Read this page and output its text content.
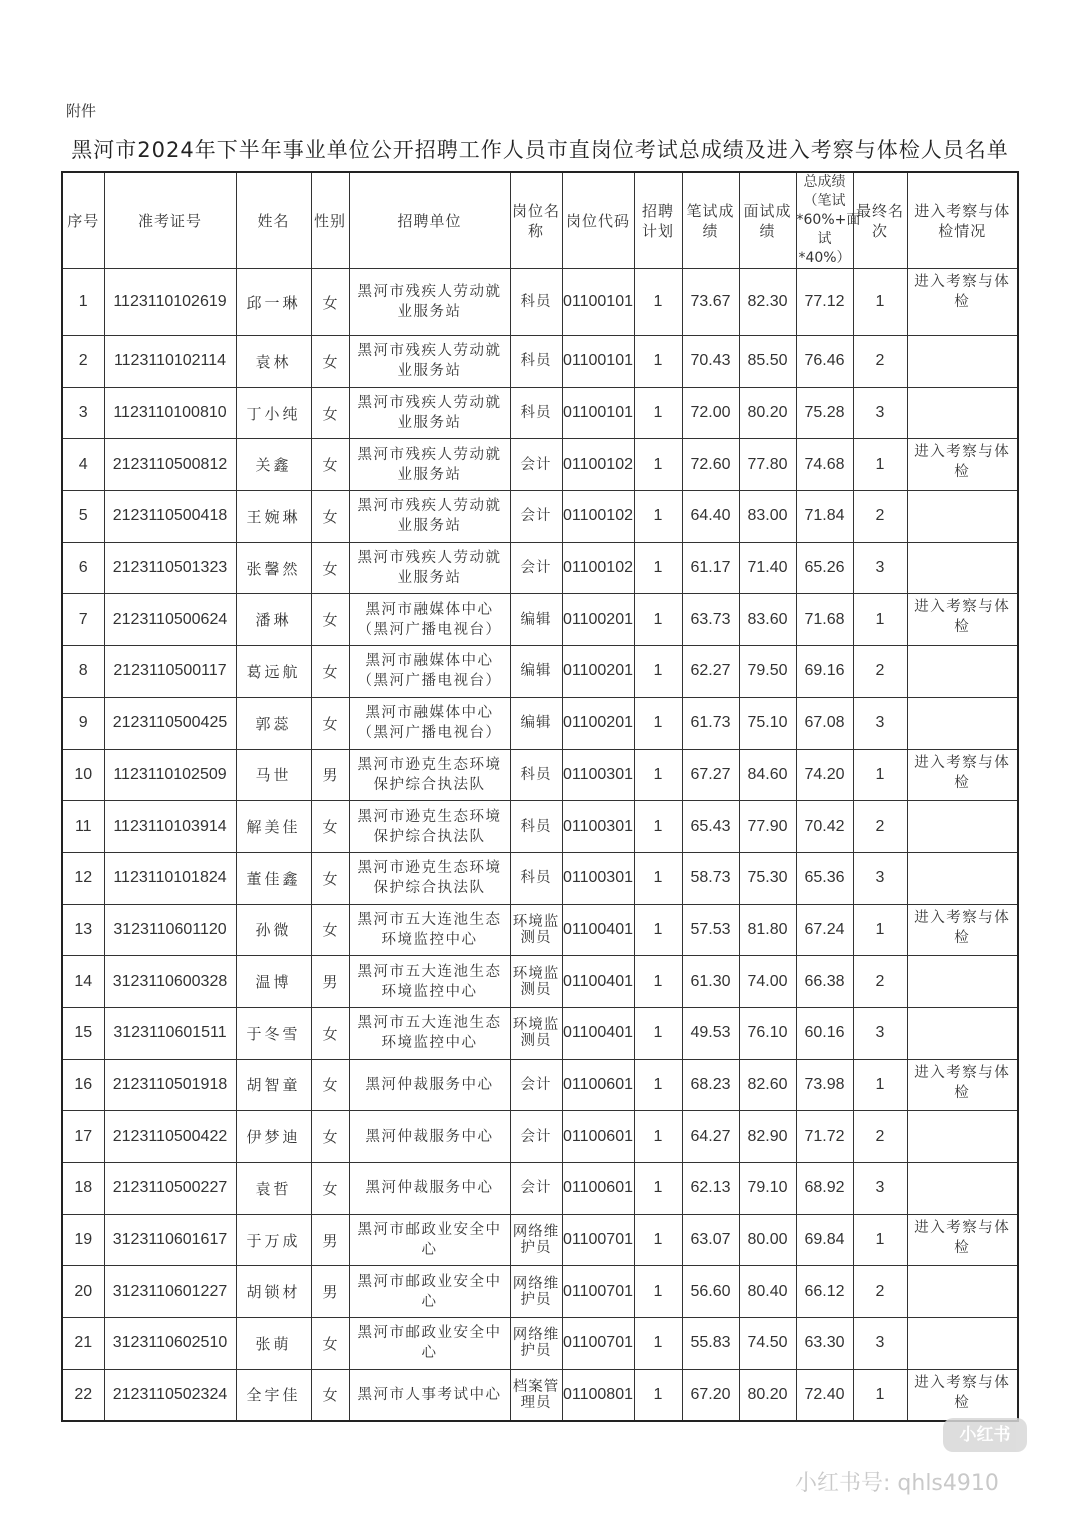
附件
黑河市2024年下半年事业单位公开招聘工作人员市直岗位考试总成绩及进入考察与体检人员名单
序号	准考证号	姓名	性别	招聘单位	岗位名称	岗位代码	招聘计划	笔试成绩	面试成绩	总成绩（笔试*60%+面试*40%）	最终名次	进入考察与体检情况
1	1123110102619	邱一琳	女	黑河市残疾人劳动就业服务站	科员	01100101	1	73.67	82.30	77.12	1	进入考察与体检
2	1123110102114	袁林	女	黑河市残疾人劳动就业服务站	科员	01100101	1	70.43	85.50	76.46	2	
3	1123110100810	丁小纯	女	黑河市残疾人劳动就业服务站	科员	01100101	1	72.00	80.20	75.28	3	
4	2123110500812	关鑫	女	黑河市残疾人劳动就业服务站	会计	01100102	1	72.60	77.80	74.68	1	进入考察与体检
5	2123110500418	王婉琳	女	黑河市残疾人劳动就业服务站	会计	01100102	1	64.40	83.00	71.84	2	
6	2123110501323	张馨然	女	黑河市残疾人劳动就业服务站	会计	01100102	1	61.17	71.40	65.26	3	
7	2123110500624	潘琳	女	黑河市融媒体中心（黑河广播电视台）	编辑	01100201	1	63.73	83.60	71.68	1	进入考察与体检
8	2123110500117	葛远航	女	黑河市融媒体中心（黑河广播电视台）	编辑	01100201	1	62.27	79.50	69.16	2	
9	2123110500425	郭蕊	女	黑河市融媒体中心（黑河广播电视台）	编辑	01100201	1	61.73	75.10	67.08	3	
10	1123110102509	马世	男	黑河市逊克生态环境保护综合执法队	科员	01100301	1	67.27	84.60	74.20	1	进入考察与体检
11	1123110103914	解美佳	女	黑河市逊克生态环境保护综合执法队	科员	01100301	1	65.43	77.90	70.42	2	
12	1123110101824	董佳鑫	女	黑河市逊克生态环境保护综合执法队	科员	01100301	1	58.73	75.30	65.36	3	
13	3123110601120	孙微	女	黑河市五大连池生态环境监控中心	环境监测员	01100401	1	57.53	81.80	67.24	1	进入考察与体检
14	3123110600328	温博	男	黑河市五大连池生态环境监控中心	环境监测员	01100401	1	61.30	74.00	66.38	2	
15	3123110601511	于冬雪	女	黑河市五大连池生态环境监控中心	环境监测员	01100401	1	49.53	76.10	60.16	3	
16	2123110501918	胡智童	女	黑河仲裁服务中心	会计	01100601	1	68.23	82.60	73.98	1	进入考察与体检
17	2123110500422	伊梦迪	女	黑河仲裁服务中心	会计	01100601	1	64.27	82.90	71.72	2	
18	2123110500227	袁哲	女	黑河仲裁服务中心	会计	01100601	1	62.13	79.10	68.92	3	
19	3123110601617	于万成	男	黑河市邮政业安全中心	网络维护员	01100701	1	63.07	80.00	69.84	1	进入考察与体检
20	3123110601227	胡锁材	男	黑河市邮政业安全中心	网络维护员	01100701	1	56.60	80.40	66.12	2	
21	3123110602510	张萌	女	黑河市邮政业安全中心	网络维护员	01100701	1	55.83	74.50	63.30	3	
22	2123110502324	全宇佳	女	黑河市人事考试中心	档案管理员	01100801	1	67.20	80.20	72.40	1	进入考察与体检
小红书
小红书号: qhls4910
